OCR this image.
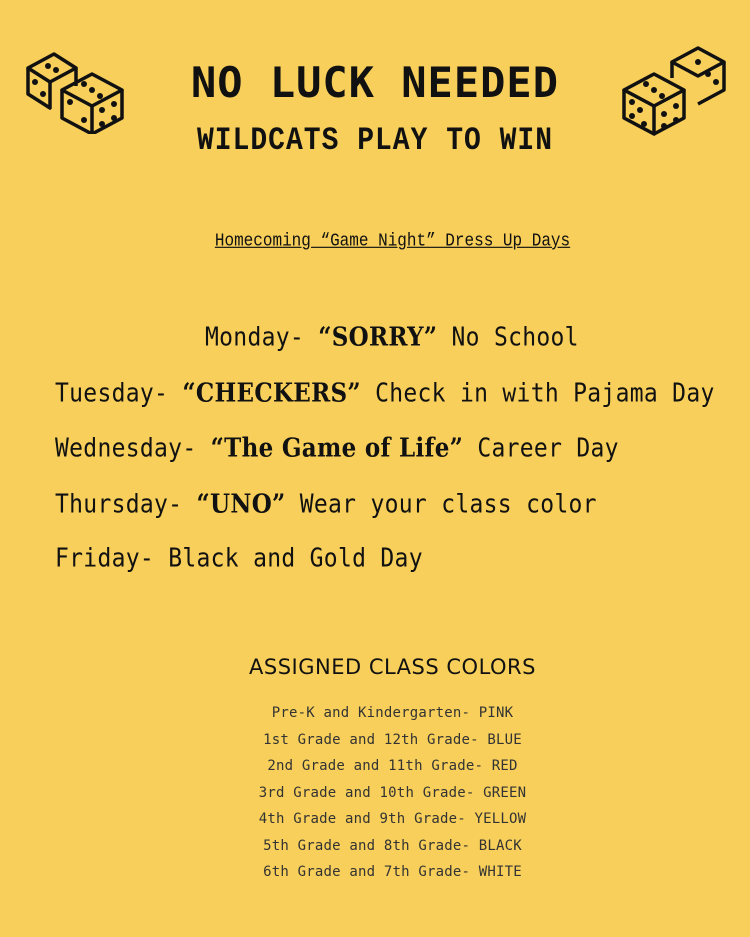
NO LUCK NEEDED
WILDCATS PLAY TO WIN
Homecoming “Game Night” Dress Up Days
Monday- “SORRY” No School
Tuesday- “CHECKERS” Check in with Pajama Day
Wednesday- “The Game of Life” Career Day
Thursday- “UNO” Wear your class color
Friday- Black and Gold Day
ASSIGNED CLASS COLORS
Pre-K and Kindergarten- PINK
1st Grade and 12th Grade- BLUE
2nd Grade and 11th Grade- RED
3rd Grade and 10th Grade- GREEN
4th Grade and 9th Grade- YELLOW
5th Grade and 8th Grade- BLACK
6th Grade and 7th Grade- WHITE
